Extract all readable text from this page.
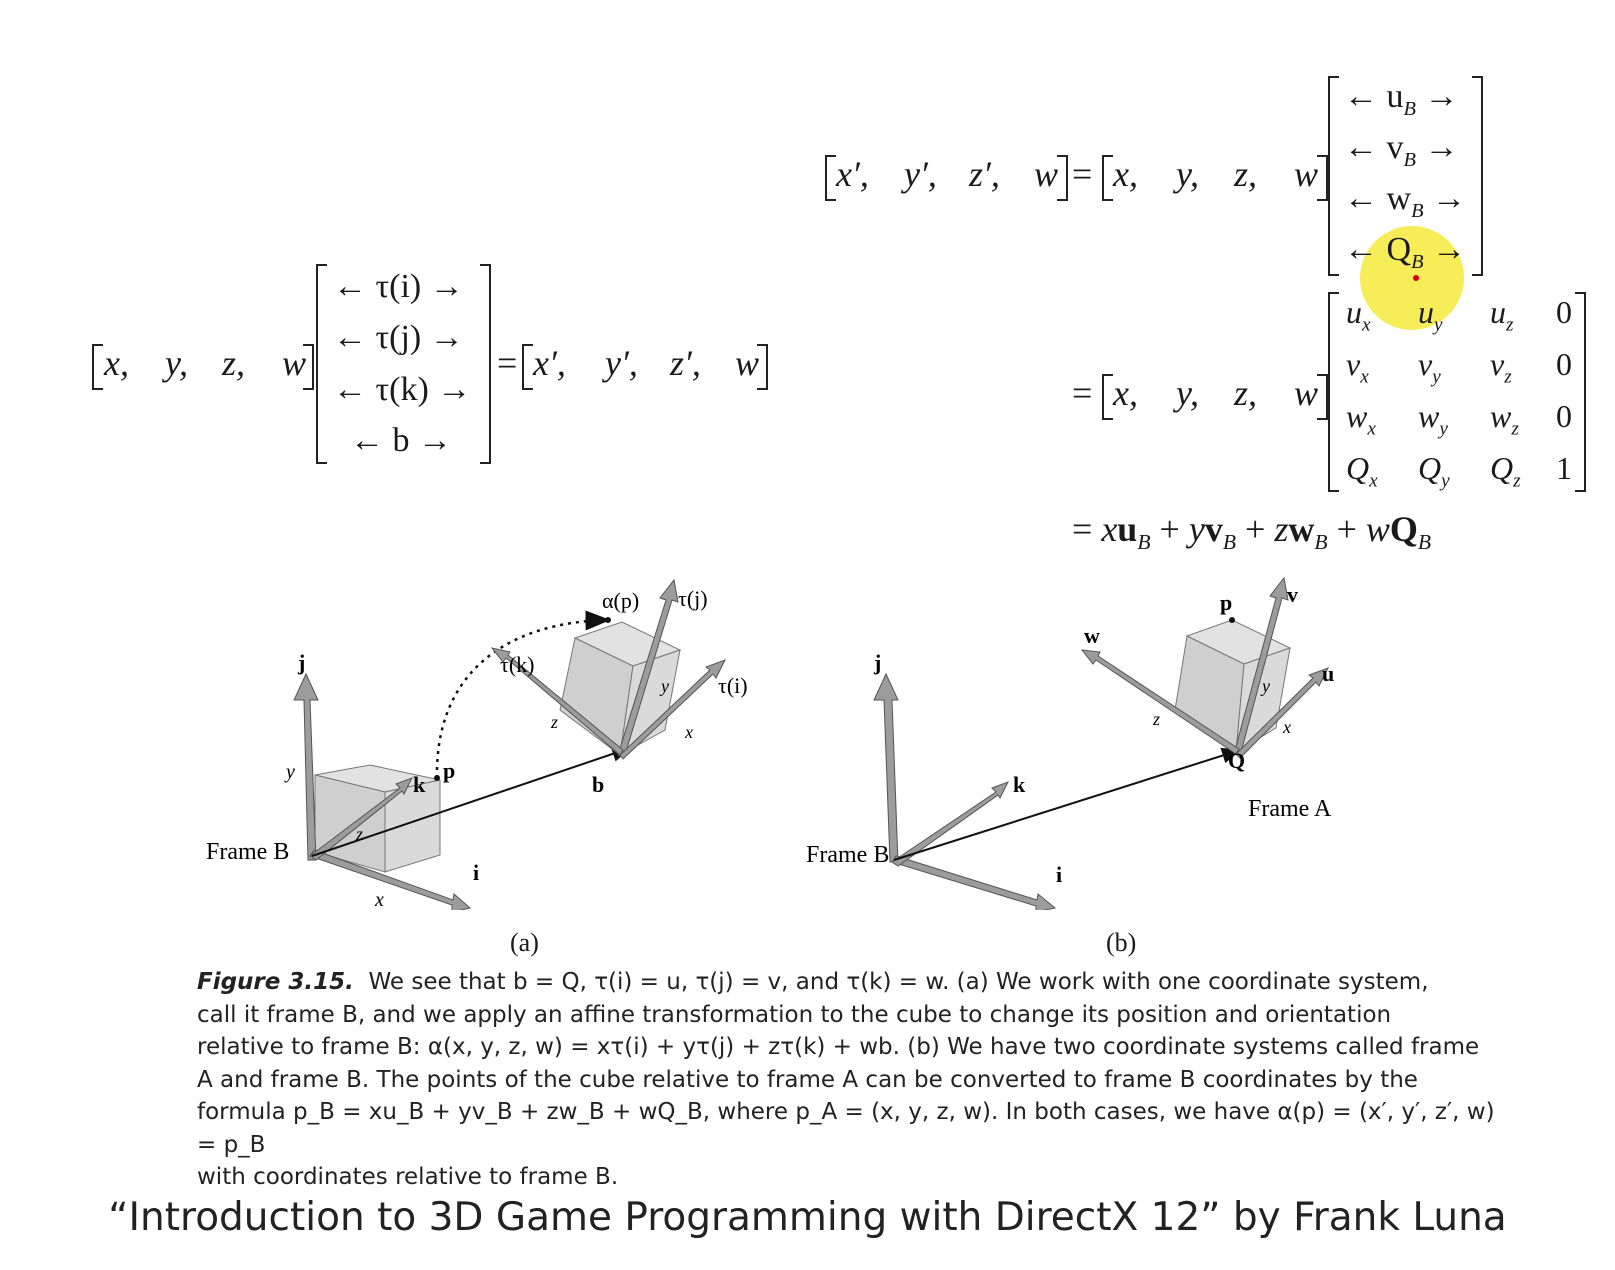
x, y, z, w
← τ(i) →
← τ(j) →
← τ(k) →
← b →
= x′, y′, z′, w
x′, y′, z′, w = x, y, z, w
← $u_B$ →
← $v_B$ →
← $w_B$ →
← $Q_B$ →
= x, y, z, w
$u_x$ $u_y$ $u_z$ 0
$v_x$ $v_y$ $v_z$ 0
$w_x$ $w_y$ $w_z$ 0
$Q_x$ $Q_y$ $Q_z$ 1
= $xu_B + yv_B + zw_B + wQ_B$
j
i
k
y
z
x
p
b
α(p) τ(j)
τ(k)
τ(i)
y
z	x
Frame B
(a)
j
i
k
Q
p v
w
u
y
z	x
Frame B
Frame A
(b)
Figure 3.15. We see that b = Q, τ(i) = u, τ(j) = v, and τ(k) = w. (a) We work with one coordinate system,
call it frame B, and we apply an affine transformation to the cube to change its position and orientation
relative to frame B: α(x, y, z, w) = xτ(i) + yτ(j) + zτ(k) + wb. (b) We have two coordinate systems called frame
A and frame B. The points of the cube relative to frame A can be converted to frame B coordinates by the
formula p_B = xu_B + yv_B + zw_B + wQ_B, where p_A = (x, y, z, w). In both cases, we have α(p) = (x′, y′, z′, w) = p_B
with coordinates relative to frame B.
“Introduction to 3D Game Programming with DirectX 12” by Frank Luna
